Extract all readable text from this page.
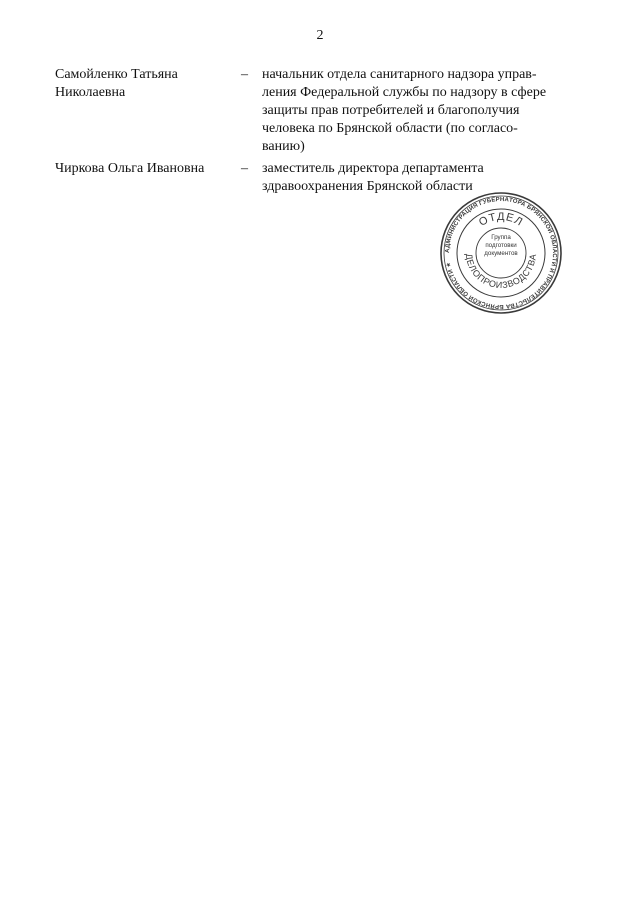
2
Самойленко Татьяна
Николаевна
– начальник отдела санитарного надзора управ-
ления Федеральной службы по надзору в сфере
защиты прав потребителей и благополучия
человека по Брянской области (по согласо-
ванию)
Чиркова Ольга Ивановна	– заместитель директора департамента
здравоохранения Брянской области
АДМИНИСТРАЦИЯ ГУБЕРНАТОРА БРЯНСКОЙ ОБЛАСТИ И ПРАВИТЕЛЬСТВА БРЯНСКОЙ ОБЛАСТИ ★
ОТДЕЛ
ДЕЛОПРОИЗВОДСТВА
Группа
подготовки
документов
